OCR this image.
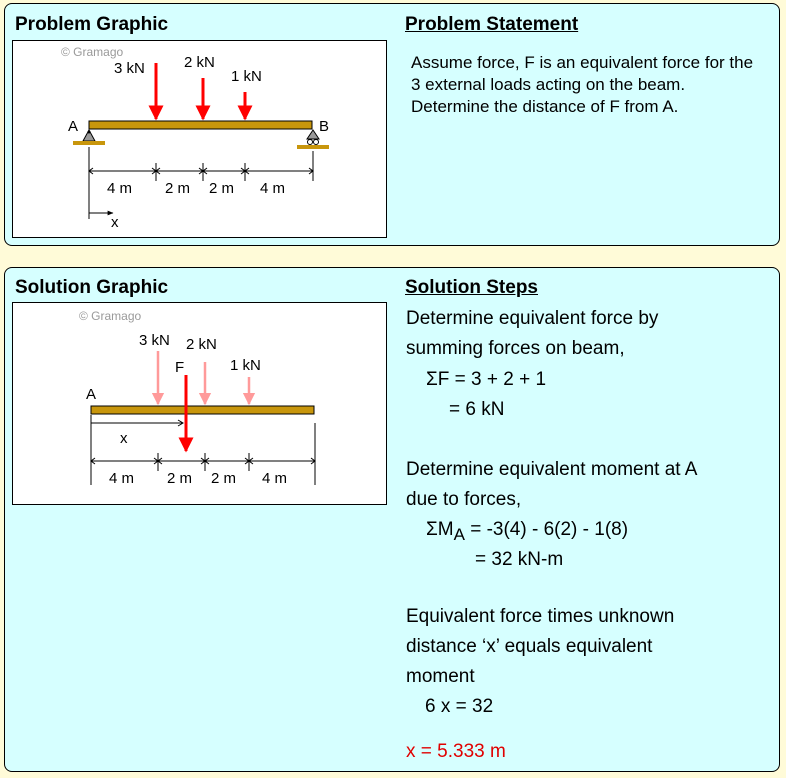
Problem Graphic	Problem Statement
© Gramago
3 kN	2 kN
1 kN
A	B
4 m 2 m 2 m 4 m
x
Assume force, F is an equivalent force for the 3 external loads acting on the beam. Determine the distance of F from A.
Solution Graphic	Solution Steps
© Gramago
3 kN 2 kN
1 kN
F
A
x
4 m 2 m 2 m 4 m
Determine equivalent force by
summing forces on beam,
ΣF = 3 + 2 + 1
= 6 kN
Determine equivalent moment at A
due to forces,
$\Sigma M_A = -3(4) - 6(2) - 1(8)$
= 32 kN-m
Equivalent force times unknown
distance ‘x’ equals equivalent
moment
6 x = 32
x = 5.333 m
